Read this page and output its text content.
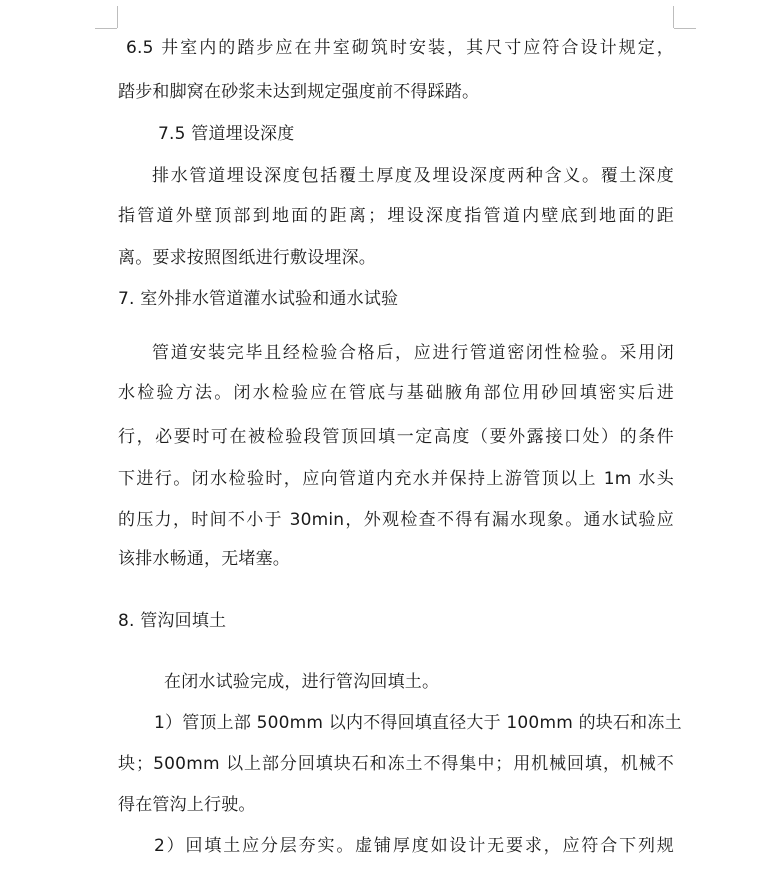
6.5 井室内的踏步应在井室砌筑时安装，其尺寸应符合设计规定，
踏步和脚窝在砂浆未达到规定强度前不得踩踏。
7.5 管道埋设深度
排水管道埋设深度包括覆土厚度及埋设深度两种含义。覆土深度
指管道外壁顶部到地面的距离；埋设深度指管道内壁底到地面的距
离。要求按照图纸进行敷设埋深。
7. 室外排水管道灌水试验和通水试验
管道安装完毕且经检验合格后，应进行管道密闭性检验。采用闭
水检验方法。闭水检验应在管底与基础腋角部位用砂回填密实后进
行，必要时可在被检验段管顶回填一定高度（要外露接口处）的条件
下进行。闭水检验时，应向管道内充水并保持上游管顶以上 1m 水头
的压力，时间不小于 30min，外观检查不得有漏水现象。通水试验应
该排水畅通，无堵塞。
8. 管沟回填土
在闭水试验完成，进行管沟回填土。
1）管顶上部 500mm 以内不得回填直径大于 100mm 的块石和冻土
块；500mm 以上部分回填块石和冻土不得集中；用机械回填，机械不
得在管沟上行驶。
2）回填土应分层夯实。虚铺厚度如设计无要求，应符合下列规
